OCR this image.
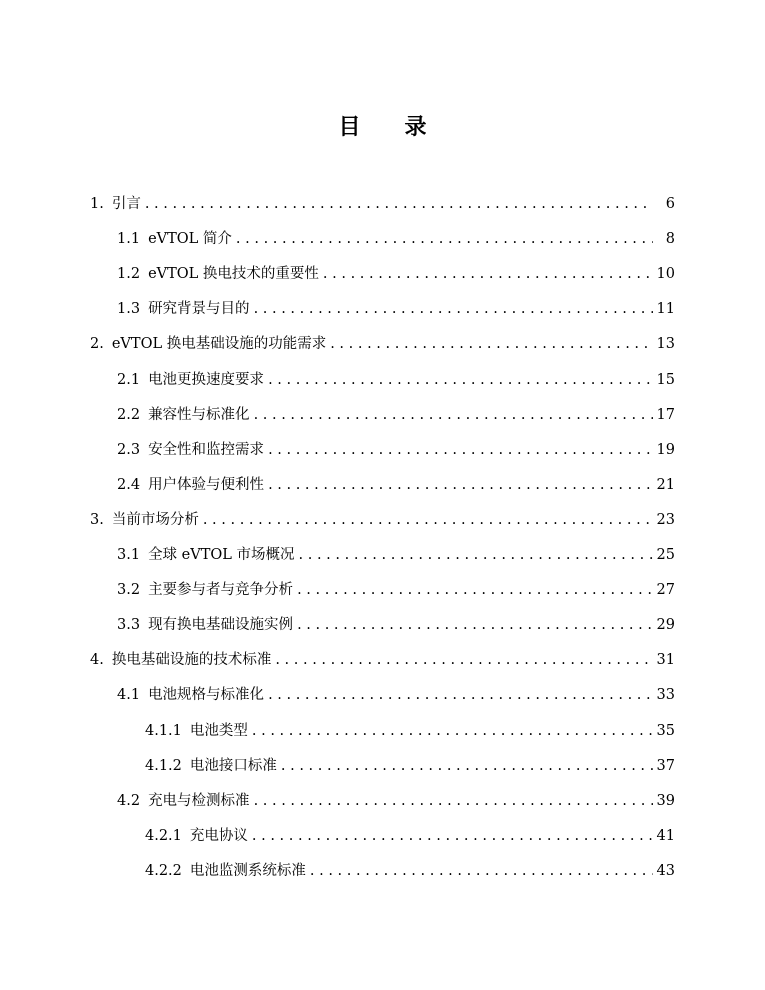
目 录
1. 引言 . . .	6
1.1 eVTOL 简介 . . .	8
1.2 eVTOL 换电技术的重要性 . . .	10
1.3 研究背景与目的 . . .	11
2. eVTOL 换电基础设施的功能需求 . . .	13
2.1 电池更换速度要求 . . .	15
2.2 兼容性与标准化 . . .	17
2.3 安全性和监控需求 . . .	19
2.4 用户体验与便利性 . . .	21
3. 当前市场分析 . . .	23
3.1 全球 eVTOL 市场概况 . . .	25
3.2 主要参与者与竞争分析 . . .	27
3.3 现有换电基础设施实例 . . .	29
4. 换电基础设施的技术标准 . . .	31
4.1 电池规格与标准化 . . .	33
4.1.1 电池类型 . . .	35
4.1.2 电池接口标准 . . .	37
4.2 充电与检测标准 . . .	39
4.2.1 充电协议 . . .	41
4.2.2 电池监测系统标准 . . .	43
